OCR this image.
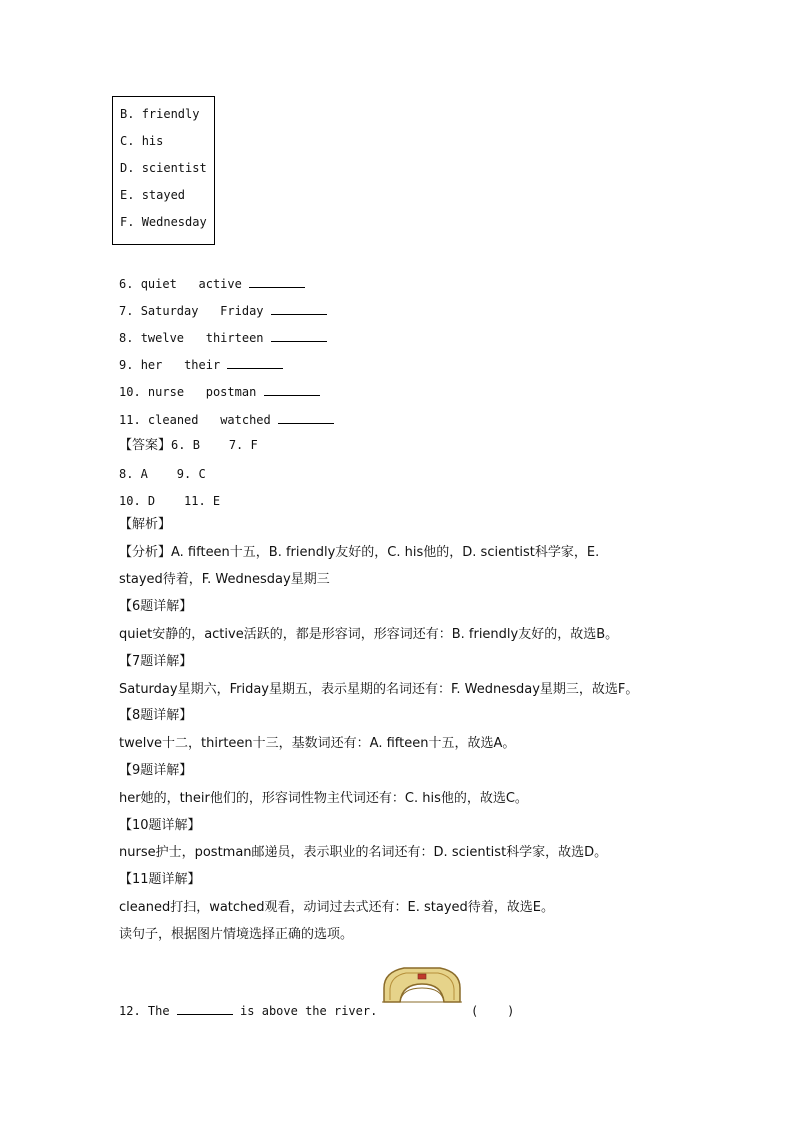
B. friendly
C. his
D. scientist
E. stayed
F. Wednesday
6. quiet active
7. Saturday Friday
8. twelve thirteen
9. her their
10. nurse postman
11. cleaned watched
【答案】6. B    7. F
8. A    9. C
10. D    11. E
【解析】
【分析】A. fifteen十五，B. friendly友好的，C. his他的，D. scientist科学家，E.
stayed待着，F. Wednesday星期三
【6题详解】
quiet安静的，active活跃的，都是形容词，形容词还有：B. friendly友好的，故选B。
【7题详解】
Saturday星期六，Friday星期五，表示星期的名词还有：F. Wednesday星期三，故选F。
【8题详解】
twelve十二，thirteen十三，基数词还有：A. fifteen十五，故选A。
【9题详解】
her她的，their他们的，形容词性物主代词还有：C. his他的，故选C。
【10题详解】
nurse护士，postman邮递员，表示职业的名词还有：D. scientist科学家，故选D。
【11题详解】
cleaned打扫，watched观看，动词过去式还有：E. stayed待着，故选E。
读句子，根据图片情境选择正确的选项。
12. The	is above the river.	(    )
